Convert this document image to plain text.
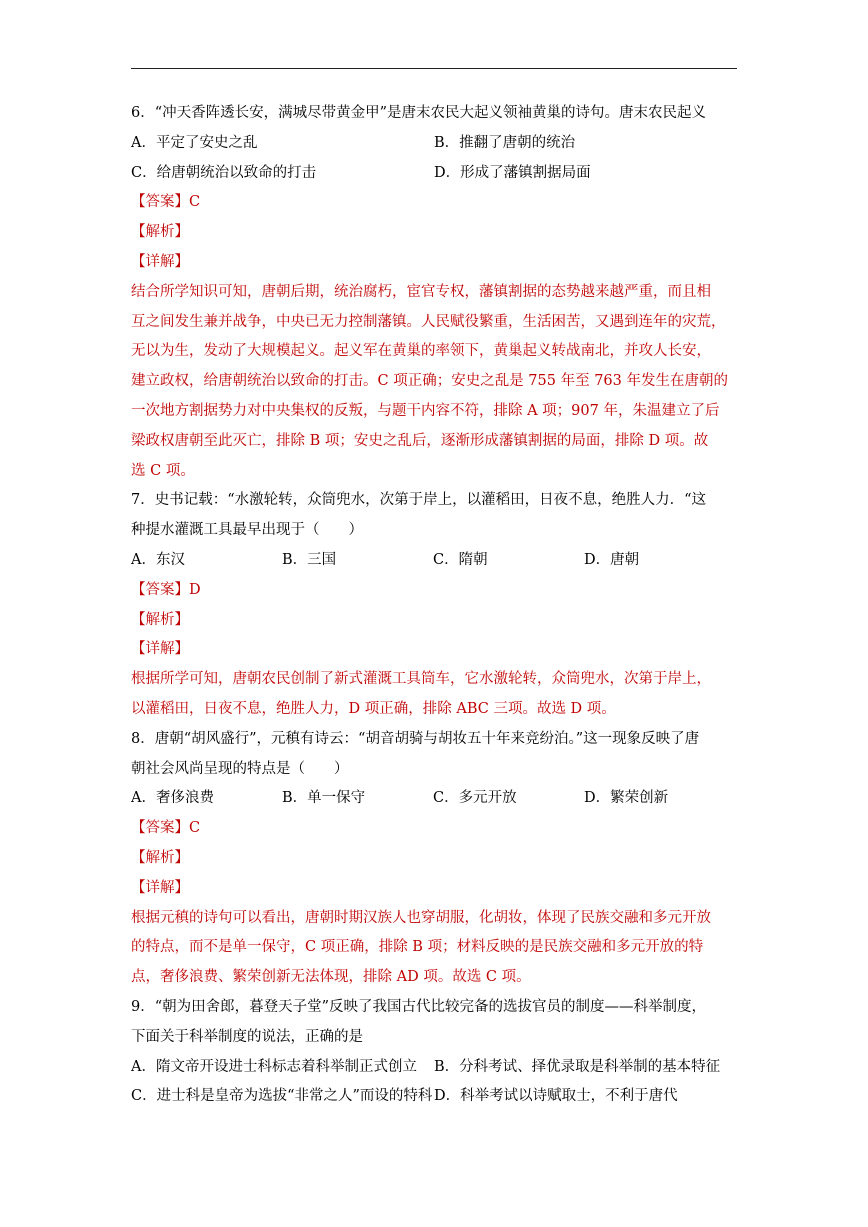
6．“冲天香阵透长安，满城尽带黄金甲”是唐末农民大起义领袖黄巢的诗句。唐末农民起义
A．平定了安史之乱	B．推翻了唐朝的统治
C．给唐朝统治以致命的打击	D．形成了藩镇割据局面
【答案】C
【解析】
【详解】
结合所学知识可知，唐朝后期，统治腐朽，宦官专权，藩镇割据的态势越来越严重，而且相
互之间发生兼并战争，中央已无力控制藩镇。人民赋役繁重，生活困苦，又遇到连年的灾荒，
无以为生，发动了大规模起义。起义军在黄巢的率领下，黄巢起义转战南北，并攻人长安，
建立政权，给唐朝统治以致命的打击。C 项正确；安史之乱是 755 年至 763 年发生在唐朝的
一次地方割据势力对中央集权的反叛，与题干内容不符，排除 A 项；907 年，朱温建立了后
梁政权唐朝至此灭亡，排除 B 项；安史之乱后，逐渐形成藩镇割据的局面，排除 D 项。故
选 C 项。
7．史书记载：“水激轮转，众筒兜水，次第于岸上，以灌稻田，日夜不息，绝胜人力．“这
种提水灌溉工具最早出现于（　　）
A．东汉	B．三国	C．隋朝	D．唐朝
【答案】D
【解析】
【详解】
根据所学可知，唐朝农民创制了新式灌溉工具筒车，它水激轮转，众筒兜水，次第于岸上，
以灌稻田，日夜不息，绝胜人力，D 项正确，排除 ABC 三项。故选 D 项。
8．唐朝“胡风盛行”，元稹有诗云：“胡音胡骑与胡妆五十年来竞纷泊。”这一现象反映了唐
朝社会风尚呈现的特点是（　　）
A．奢侈浪费	B．单一保守	C．多元开放	D．繁荣创新
【答案】C
【解析】
【详解】
根据元稹的诗句可以看出，唐朝时期汉族人也穿胡服，化胡妆，体现了民族交融和多元开放
的特点，而不是单一保守，C 项正确，排除 B 项；材料反映的是民族交融和多元开放的特
点，奢侈浪费、繁荣创新无法体现，排除 AD 项。故选 C 项。
9．“朝为田舍郎，暮登天子堂”反映了我国古代比较完备的选拔官员的制度——科举制度，
下面关于科举制度的说法，正确的是
A．隋文帝开设进士科标志着科举制正式创立	B．分科考试、择优录取是科举制的基本特征
C．进士科是皇帝为选拔“非常之人”而设的特科 D．科举考试以诗赋取士，不利于唐代
